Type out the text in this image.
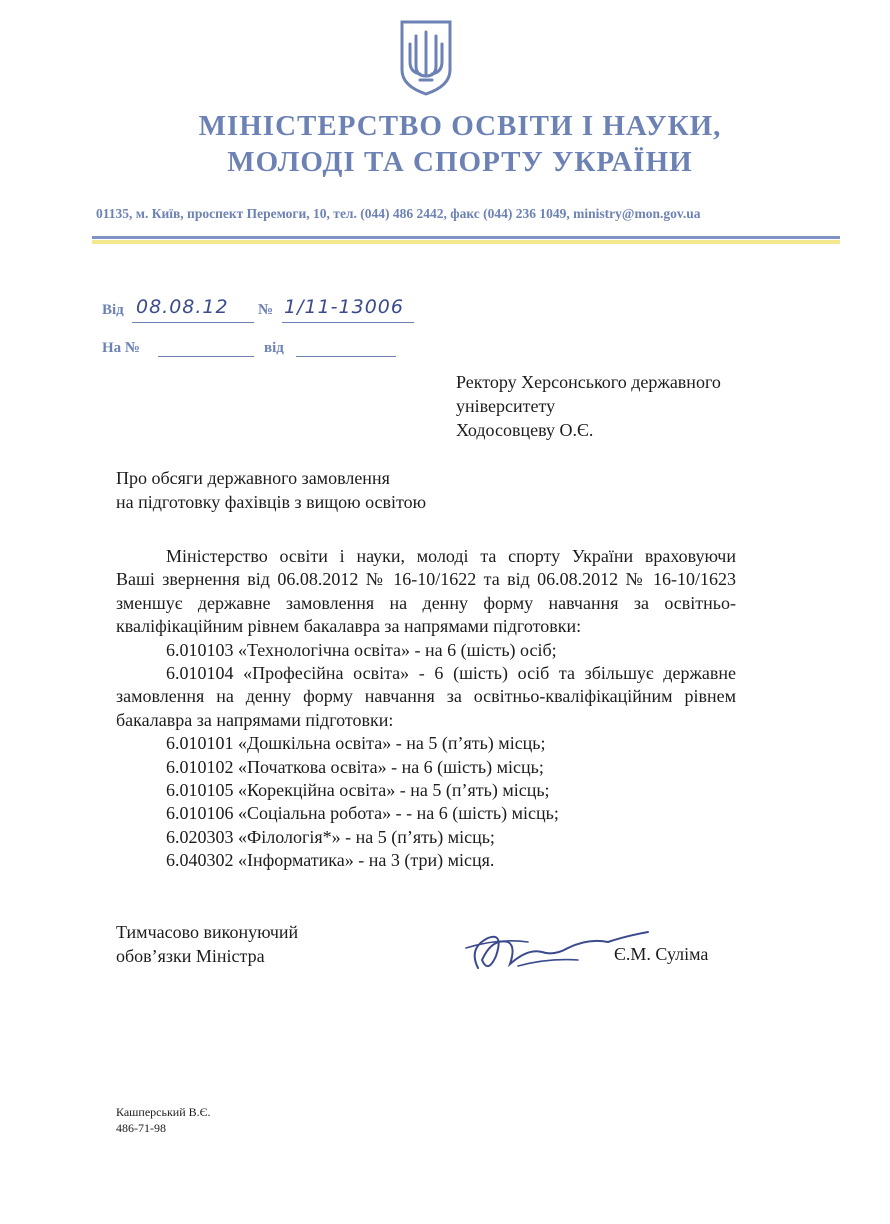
МІНІСТЕРСТВО ОСВІТИ І НАУКИ,
МОЛОДІ ТА СПОРТУ УКРАЇНИ
01135, м. Київ, проспект Перемоги, 10, тел. (044) 486 2442, факс (044) 236 1049, ministry@mon.gov.ua
Від 08.08.12 № 1/11-13006
На №	від
Ректору Херсонського державного
університету
Ходосовцеву О.Є.
Про обсяги державного замовлення
на підготовку фахівців з вищою освітою

Міністерство освіти і науки, молоді та спорту України враховуючи

Ваші звернення від 06.08.2012 № 16-10/1622 та від 06.08.2012 № 16-10/1623

зменшує державне замовлення на денну форму навчання за освітньо-

кваліфікаційним рівнем бакалавра за напрямами підготовки:

6.010103 «Технологічна освіта» - на 6 (шість) осіб;

6.010104 «Професійна освіта» - 6 (шість) осіб та збільшує державне

замовлення на денну форму навчання за освітньо-кваліфікаційним рівнем

бакалавра за напрямами підготовки:

6.010101 «Дошкільна освіта» - на 5 (п’ять) місць;

6.010102 «Початкова освіта» - на 6 (шість) місць;

6.010105 «Корекційна освіта» - на 5 (п’ять) місць;

6.010106 «Соціальна робота» - - на 6 (шість) місць;

6.020303 «Філологія*» - на 5 (п’ять) місць;

6.040302 «Інформатика» - на 3 (три) місця.

Тимчасово виконуючий
обов’язки Міністра	Є.М. Суліма
Кашперський В.Є.
486-71-98
